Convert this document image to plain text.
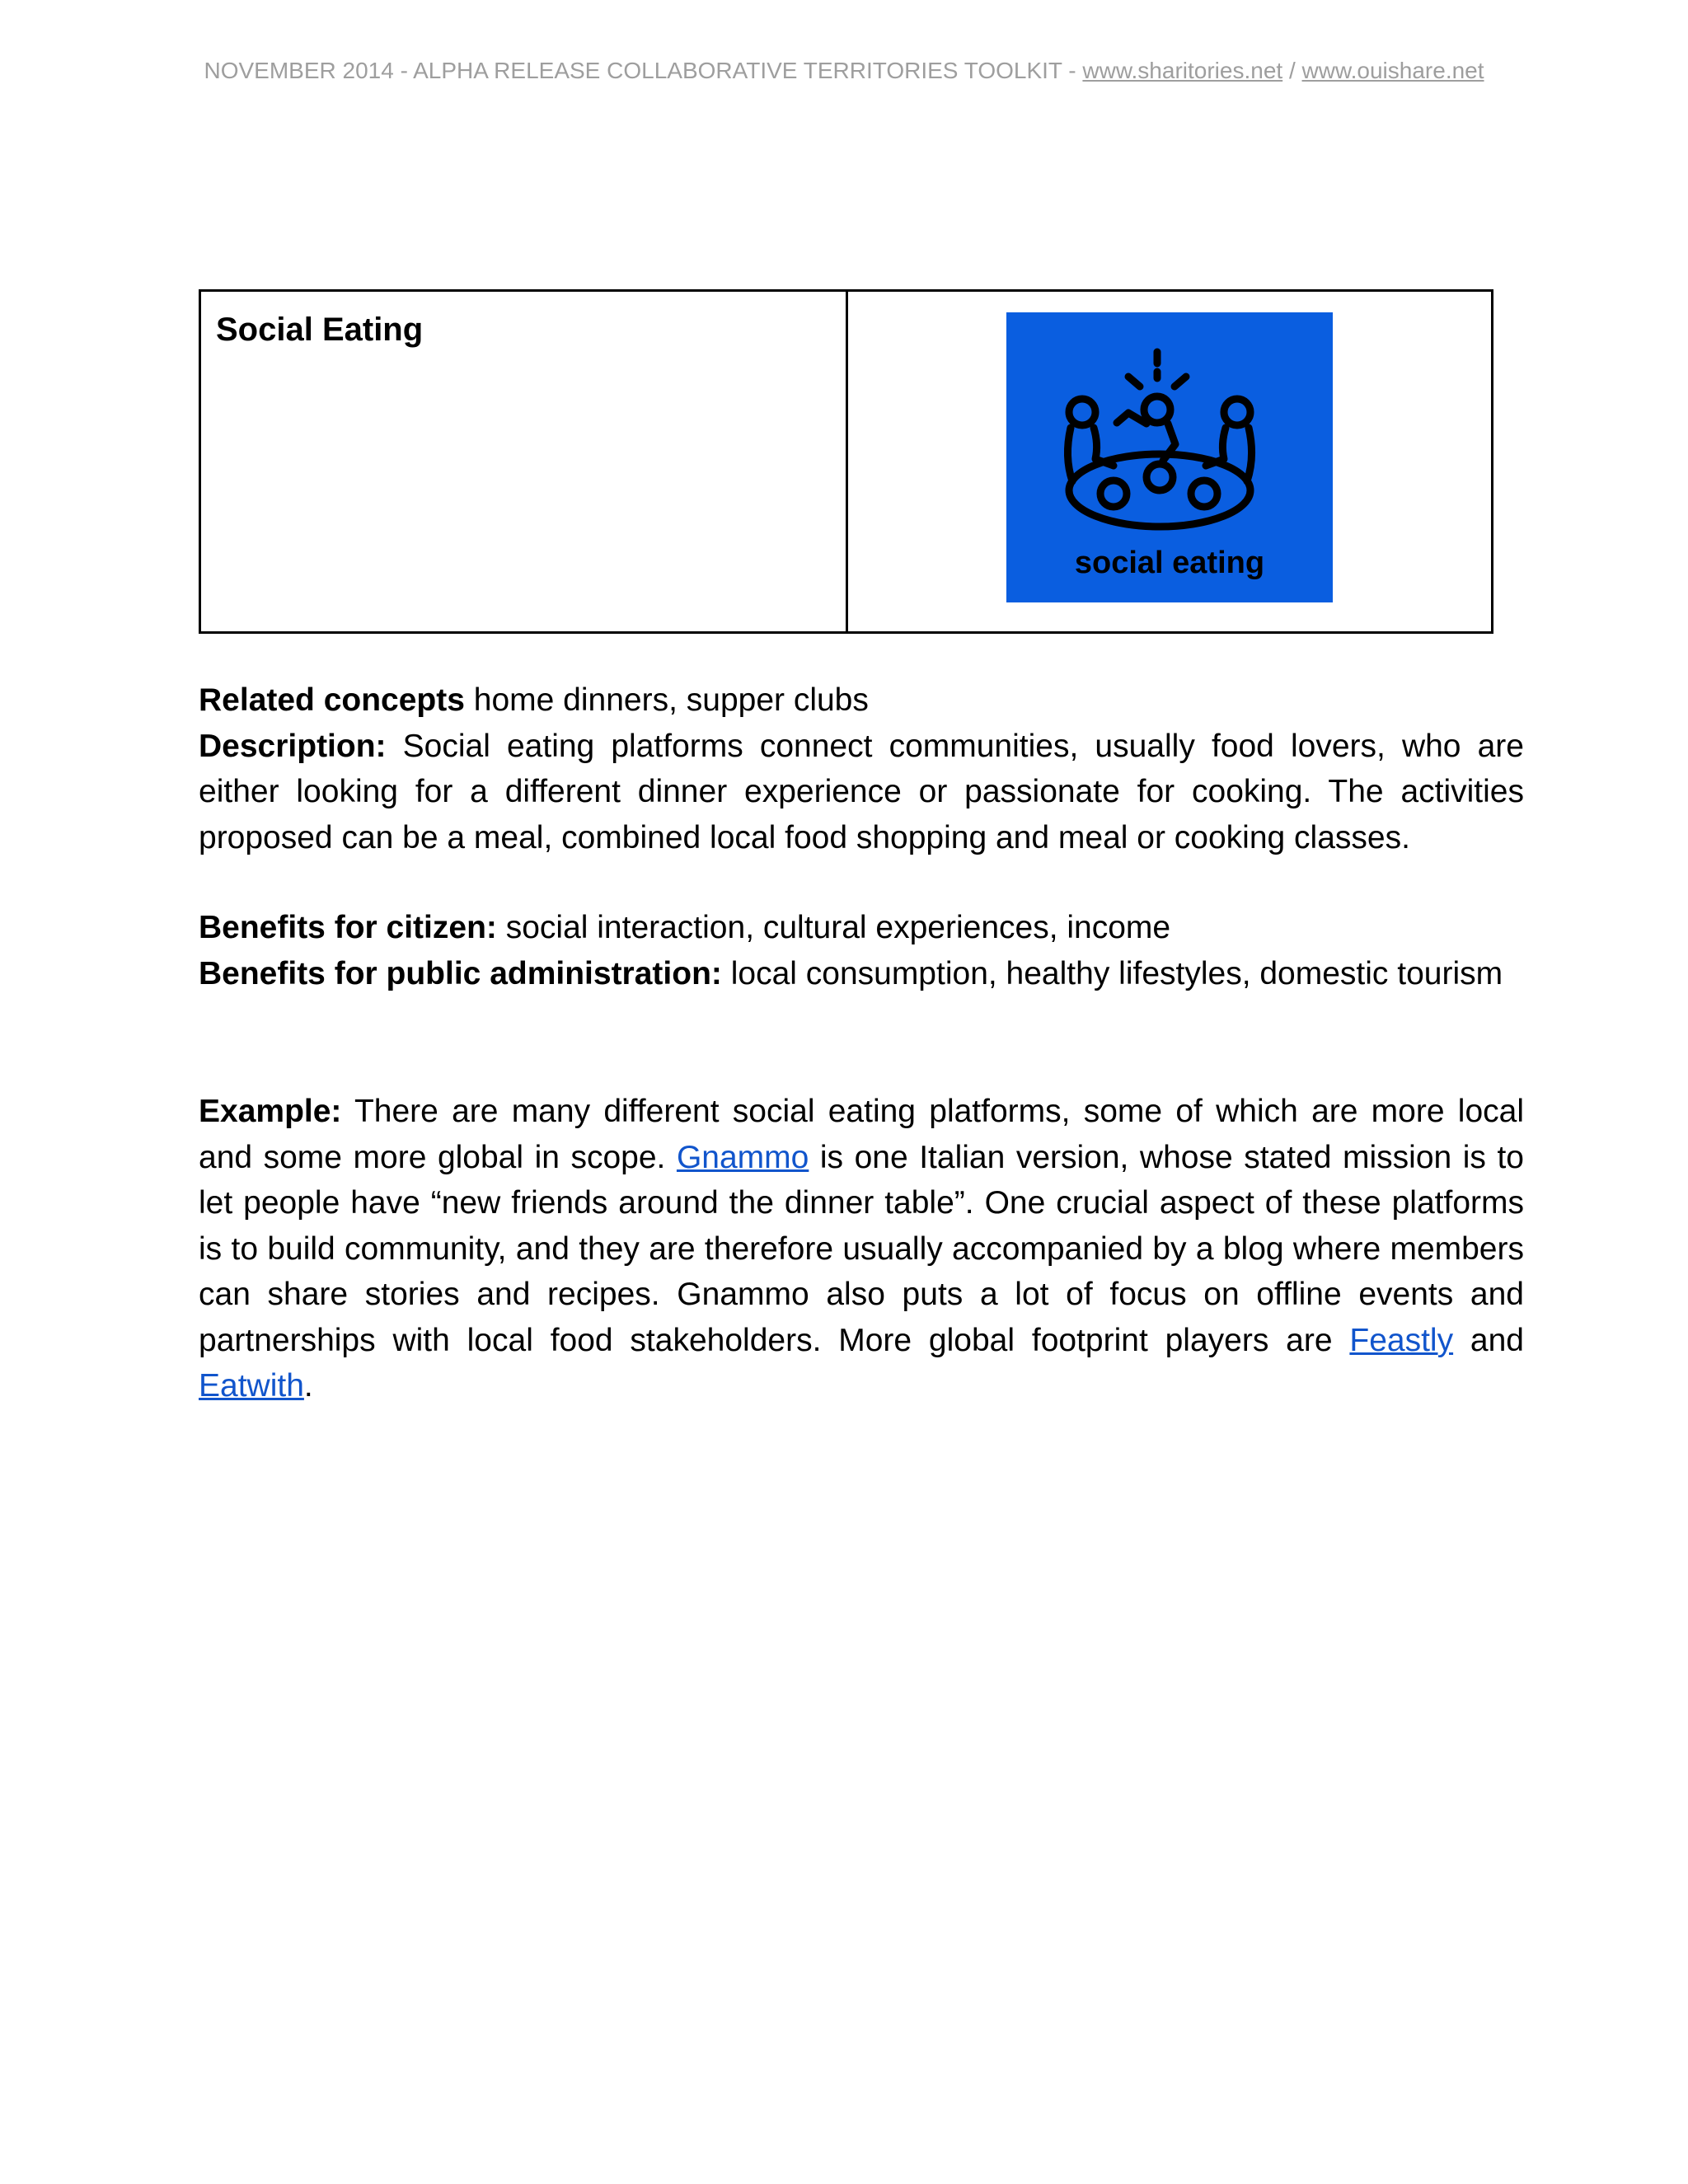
NOVEMBER 2014 - ALPHA RELEASE COLLABORATIVE TERRITORIES TOOLKIT - www.sharitories.net / www.ouishare.net
Social Eating
social eating

Related concepts home dinners, supper clubs

Description: Social eating platforms connect communities, usually food lovers, who are either looking for a different dinner experience or passionate for cooking. The activities proposed can be a meal, combined local food shopping and meal or cooking classes.

Benefits for citizen: social interaction, cultural experiences, income

Benefits for public administration: local consumption, healthy lifestyles, domestic tourism

Example: There are many different social eating platforms, some of which are more local and some more global in scope. Gnammo is one Italian version, whose stated mission is to let people have “new friends around the dinner table”. One crucial aspect of these platforms is to build community, and they are therefore usually accompanied by a blog where members can share stories and recipes. Gnammo also puts a lot of focus on offline events and partnerships with local food stakeholders. More global footprint players are Feastly and Eatwith.
